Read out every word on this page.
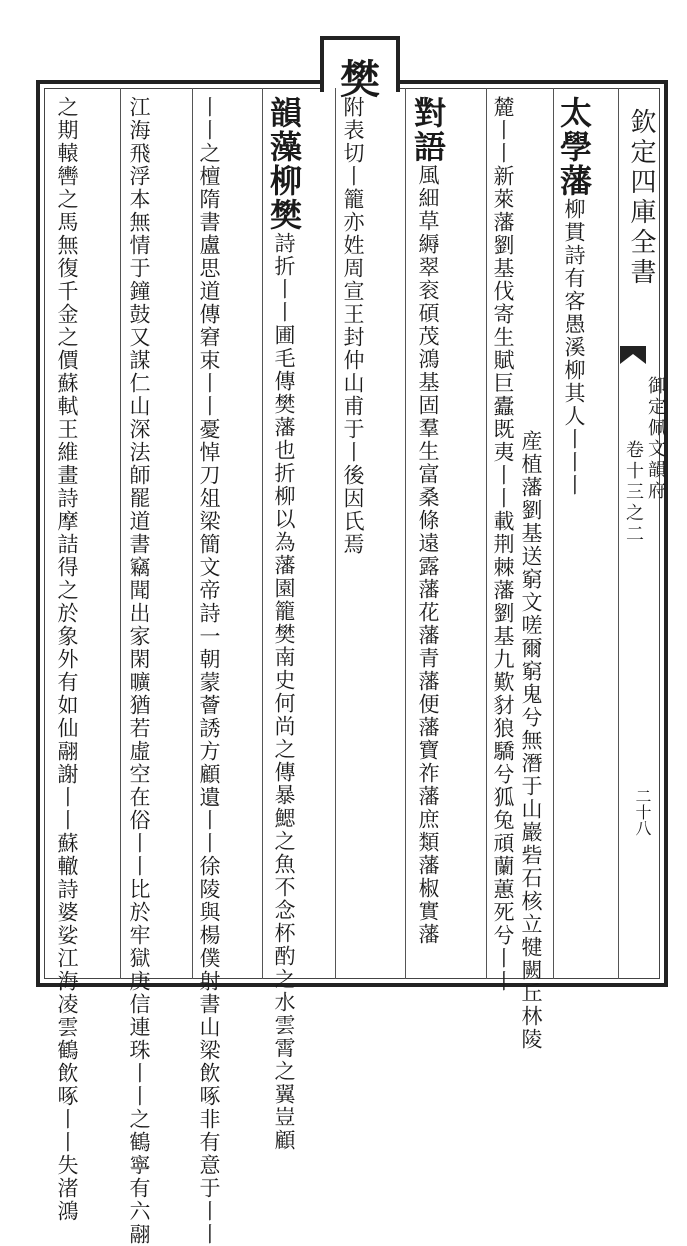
樊
欽定四庫全書
御定佩文韻府
卷十三之二
二十八
太學藩柳貫詩有客愚溪柳其人丨丨丨
産植藩劉基送窮文嗟爾窮鬼兮無潛于山巖砦石核立犍闕丘林陵
麓丨丨新萊藩劉基伐寄生賦巨蠹既夷丨丨載荆棘藩劉基九歎豺狼驕兮狐兔頑蘭蕙死兮丨丨
對語風細草縟翠衮碩茂鴻基固羣生富桑條遠露藩花藩青藩便藩寶祚藩庶類藩椒實藩
附表切丨籠亦姓周宣王封仲山甫于丨後因氏焉
韻藻柳樊詩折丨丨圃毛傳樊藩也折柳以為藩園籠樊南史何尚之傳暴鰓之魚不念杯酌之水雲霄之翼豈顧
丨丨之檀隋書盧思道傳窘束丨丨憂悼刀俎梁簡文帝詩一朝蒙薈誘方顧遺丨丨徐陵與楊僕射書山梁飲啄非有意于丨丨
江海飛浮本無情于鐘鼓又謀仁山深法師罷道書竊聞出家閑曠猶若虛空在俗丨丨比於牢獄庚信連珠丨丨之鶴寧有六翮
之期轅轡之馬無復千金之價蘇軾王維畫詩摩詰得之於象外有如仙翮謝丨丨蘇轍詩婆娑江海凌雲鶴飲啄丨丨失渚鴻
